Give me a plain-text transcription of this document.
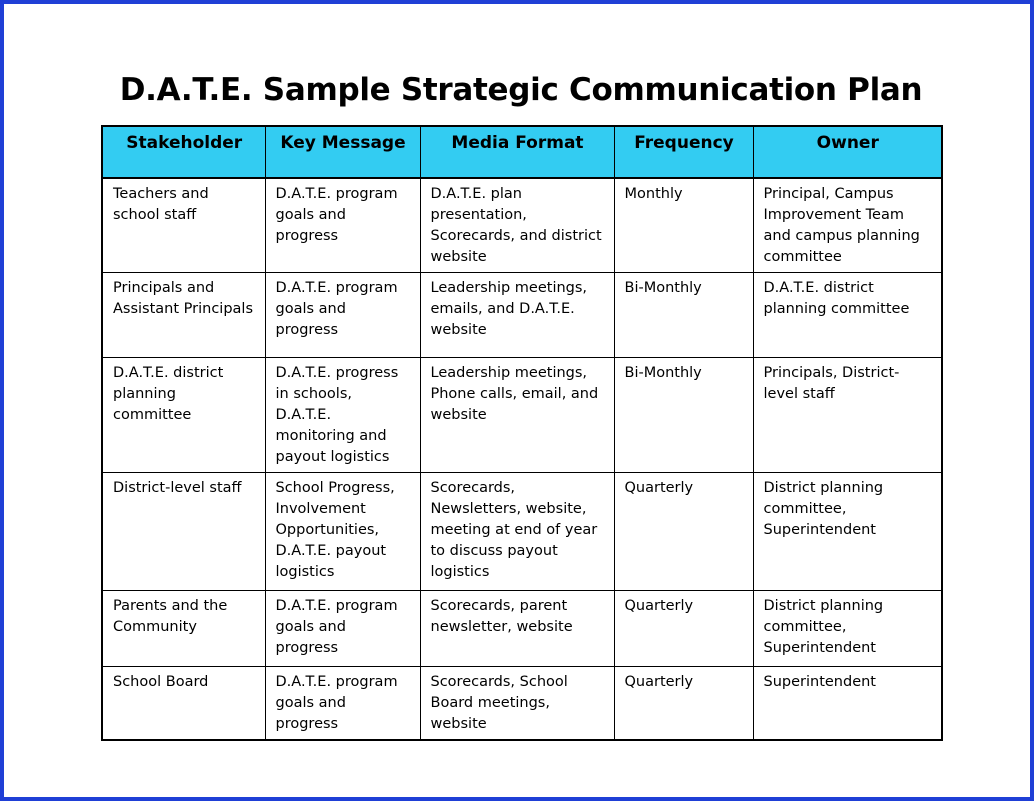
D.A.T.E. Sample Strategic Communication Plan
Stakeholder	Key Message	Media Format	Frequency	Owner
Teachers and school staff	D.A.T.E. program goals and progress	D.A.T.E. plan presentation, Scorecards, and district website	Monthly	Principal, Campus Improvement Team and campus planning committee
Principals and Assistant Principals	D.A.T.E. program goals and progress	Leadership meetings, emails, and D.A.T.E. website	Bi-Monthly	D.A.T.E. district planning committee
D.A.T.E. district planning committee	D.A.T.E. progress in schools, D.A.T.E. monitoring and payout logistics	Leadership meetings, Phone calls, email, and website	Bi-Monthly	Principals, District- level staff
District-level staff	School Progress, Involvement Opportunities, D.A.T.E. payout logistics	Scorecards, Newsletters, website, meeting at end of year to discuss payout logistics	Quarterly	District planning committee, Superintendent
Parents and the Community	D.A.T.E. program goals and progress	Scorecards, parent newsletter, website	Quarterly	District planning committee, Superintendent
School Board	D.A.T.E. program goals and progress	Scorecards, School Board meetings, website	Quarterly	Superintendent
